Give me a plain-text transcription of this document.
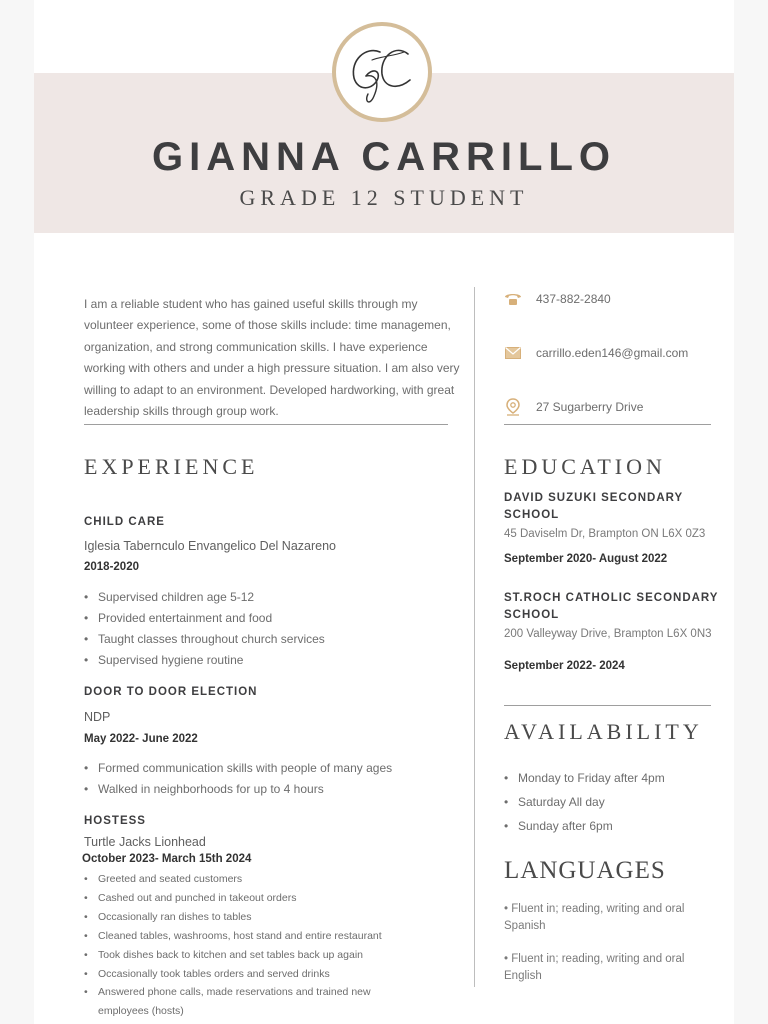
GIANNA CARRILLO
GRADE 12 STUDENT
I am a reliable student who has gained useful skills through my volunteer experience, some of those skills include: time managemen, organization, and strong communication skills. I have experience working with others and under a high pressure situation. I am also very willing to adapt to an environment. Developed hardworking, with great leadership skills through group work.
437-882-2840
carrillo.eden146@gmail.com
27 Sugarberry Drive
EXPERIENCE
CHILD CARE
Iglesia Tabernculo Envangelico Del Nazareno
2018-2020
• Supervised children age 5-12
• Provided entertainment and food
• Taught classes throughout church services
• Supervised hygiene routine
DOOR TO DOOR ELECTION
NDP
May 2022- June 2022
• Formed communication skills with people of many ages
• Walked in neighborhoods for up to 4 hours
HOSTESS
Turtle Jacks Lionhead
October 2023- March 15th 2024
• Greeted and seated customers
• Cashed out and punched in takeout orders
• Occasionally ran dishes to tables
• Cleaned tables, washrooms, host stand and entire restaurant
• Took dishes back to kitchen and set tables back up again
• Occasionally took tables orders and served drinks
• Answered phone calls, made reservations and trained new employees (hosts)
EDUCATION
DAVID SUZUKI SECONDARY SCHOOL
45 Daviselm Dr, Brampton ON L6X 0Z3
September 2020- August 2022
ST.ROCH CATHOLIC SECONDARY SCHOOL
200 Valleyway Drive, Brampton L6X 0N3
September 2022- 2024
AVAILABILITY
• Monday to Friday after 4pm
• Saturday All day
• Sunday after 6pm
LANGUAGES
• Fluent in; reading, writing and oral Spanish
• Fluent in; reading, writing and oral English
